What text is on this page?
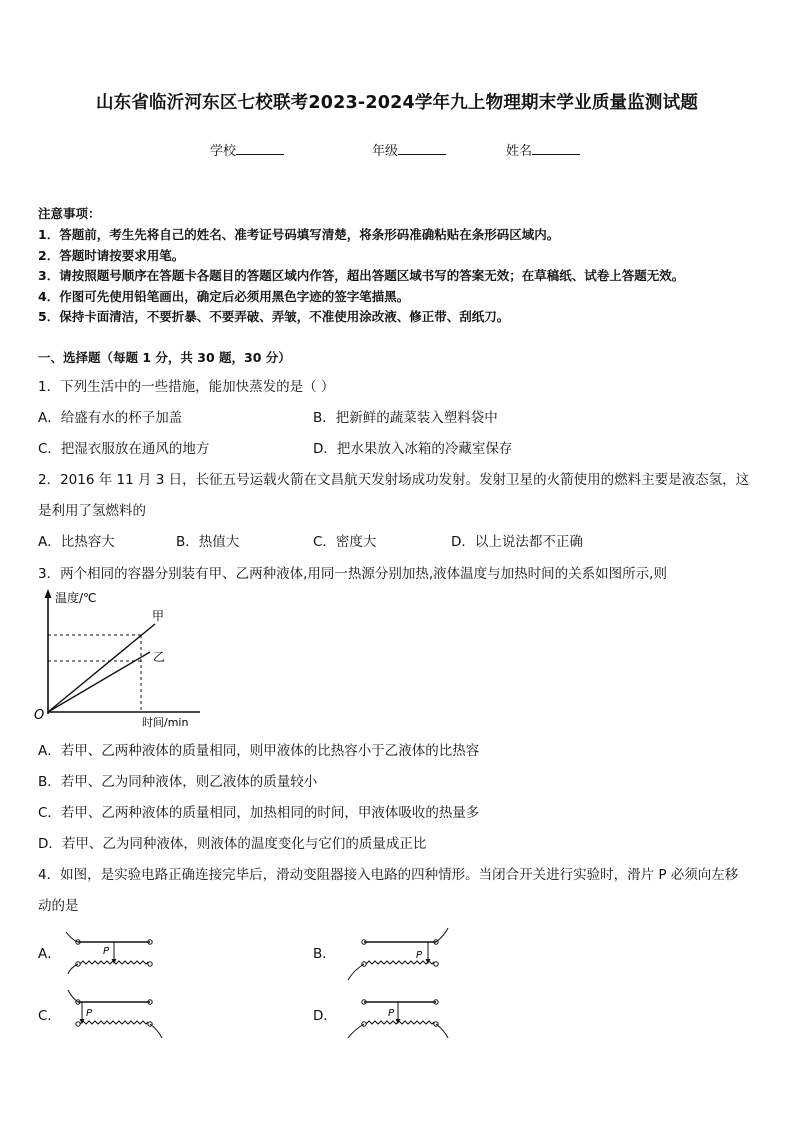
山东省临沂河东区七校联考2023-2024学年九上物理期末学业质量监测试题
学校	年级	姓名
注意事项：
1．答题前，考生先将自己的姓名、准考证号码填写清楚，将条形码准确粘贴在条形码区域内。
2．答题时请按要求用笔。
3．请按照题号顺序在答题卡各题目的答题区域内作答，超出答题区域书写的答案无效；在草稿纸、试卷上答题无效。
4．作图可先使用铅笔画出，确定后必须用黑色字迹的签字笔描黑。
5．保持卡面清洁，不要折暴、不要弄破、弄皱，不准使用涂改液、修正带、刮纸刀。
一、选择题（每题 1 分，共 30 题，30 分）
1．下列生活中的一些措施，能加快蒸发的是（ ）
A．给盛有水的杯子加盖	B．把新鲜的蔬菜装入塑料袋中
C．把湿衣服放在通风的地方	D．把水果放入冰箱的冷藏室保存
2．2016 年 11 月 3 日，长征五号运载火箭在文昌航天发射场成功发射。发射卫星的火箭使用的燃料主要是液态氢，这
是利用了氢燃料的
A．比热容大	B．热值大	C．密度大	D．以上说法都不正确
3．两个相同的容器分别装有甲、乙两种液体,用同一热源分别加热,液体温度与加热时间的关系如图所示,则
温度/℃
O	时间/min
甲
乙
A．若甲、乙两种液体的质量相同，则甲液体的比热容小于乙液体的比热容
B．若甲、乙为同种液体，则乙液体的质量较小
C．若甲、乙两种液体的质量相同，加热相同的时间，甲液体吸收的热量多
D．若甲、乙为同种液体，则液体的温度变化与它们的质量成正比
4．如图，是实验电路正确连接完毕后，滑动变阻器接入电路的四种情形。当闭合开关进行实验时，滑片 P 必须向左移
动的是
A．	P	B．	P
C．	P	D．	P
